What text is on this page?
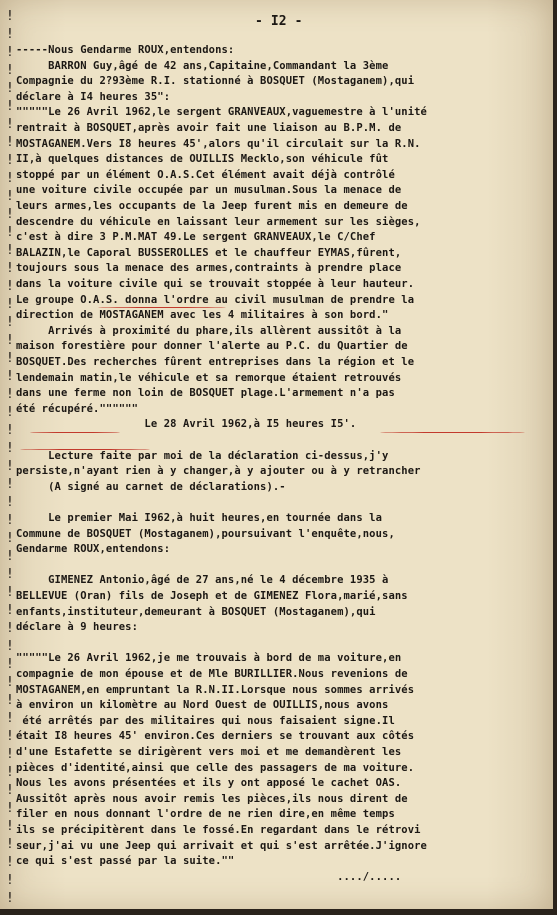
!
!
!
!
!
!
!
!
!
!
!
!
!
!
!
!
!
!
!
!
!
!
!
!
!
!
!
!
!
!
!
!
!
!
!
!
!
!
!
!
!
!
!
!
!
!
!
!
!
!
- I2 -
-----Nous Gendarme ROUX,entendons:
BARRON Guy,âgé de 42 ans,Capitaine,Commandant la 3ème
Compagnie du 2?93ème R.I. stationné à BOSQUET (Mostaganem),qui
déclare à I4 heures 35":
"""""Le 26 Avril 1962,le sergent GRANVEAUX,vaguemestre à l'unité
rentrait à BOSQUET,après avoir fait une liaison au B.P.M. de
MOSTAGANEM.Vers I8 heures 45',alors qu'il circulait sur la R.N.
II,à quelques distances de OUILLIS Mecklo,son véhicule fût
stoppé par un élément O.A.S.Cet élément avait déjà contrôlé
une voiture civile occupée par un musulman.Sous la menace de
leurs armes,les occupants de la Jeep furent mis en demeure de
descendre du véhicule en laissant leur armement sur les sièges,
c'est à dire 3 P.M.MAT 49.Le sergent GRANVEAUX,le C/Chef
BALAZIN,le Caporal BUSSEROLLES et le chauffeur EYMAS,fûrent,
toujours sous la menace des armes,contraints à prendre place
dans la voiture civile qui se trouvait stoppée à leur hauteur.
Le groupe O.A.S. donna l'ordre au civil musulman de prendre la
direction de MOSTAGANEM avec les 4 militaires à son bord."
Arrivés à proximité du phare,ils allèrent aussitôt à la
maison forestière pour donner l'alerte au P.C. du Quartier de
BOSQUET.Des recherches fûrent entreprises dans la région et le
lendemain matin,le véhicule et sa remorque étaient retrouvés
dans une ferme non loin de BOSQUET plage.L'armement n'a pas
été récupéré.""""""
Le 28 Avril 1962,à I5 heures I5'.
Lecture faite par moi de la déclaration ci-dessus,j'y
persiste,n'ayant rien à y changer,à y ajouter ou à y retrancher
(A signé au carnet de déclarations).-
Le premier Mai I962,à huit heures,en tournée dans la
Commune de BOSQUET (Mostaganem),poursuivant l'enquête,nous,
Gendarme ROUX,entendons:
GIMENEZ Antonio,âgé de 27 ans,né le 4 décembre 1935 à
BELLEVUE (Oran) fils de Joseph et de GIMENEZ Flora,marié,sans
enfants,instituteur,demeurant à BOSQUET (Mostaganem),qui
déclare à 9 heures:
"""""Le 26 Avril 1962,je me trouvais à bord de ma voiture,en
compagnie de mon épouse et de Mle BURILLIER.Nous revenions de
MOSTAGANEM,en empruntant la R.N.II.Lorsque nous sommes arrivés
à environ un kilomètre au Nord Ouest de OUILLIS,nous avons
été arrêtés par des militaires qui nous faisaient signe.Il
était I8 heures 45' environ.Ces derniers se trouvant aux côtés
d'une Estafette se dirigèrent vers moi et me demandèrent les
pièces d'identité,ainsi que celle des passagers de ma voiture.
Nous les avons présentées et ils y ont apposé le cachet OAS.
Aussitôt après nous avoir remis les pièces,ils nous dirent de
filer en nous donnant l'ordre de ne rien dire,en même temps
ils se précipitèrent dans le fossé.En regardant dans le rétrovi
seur,j'ai vu une Jeep qui arrivait et qui s'est arrêtée.J'ignore
ce qui s'est passé par la suite.""
..../.....
